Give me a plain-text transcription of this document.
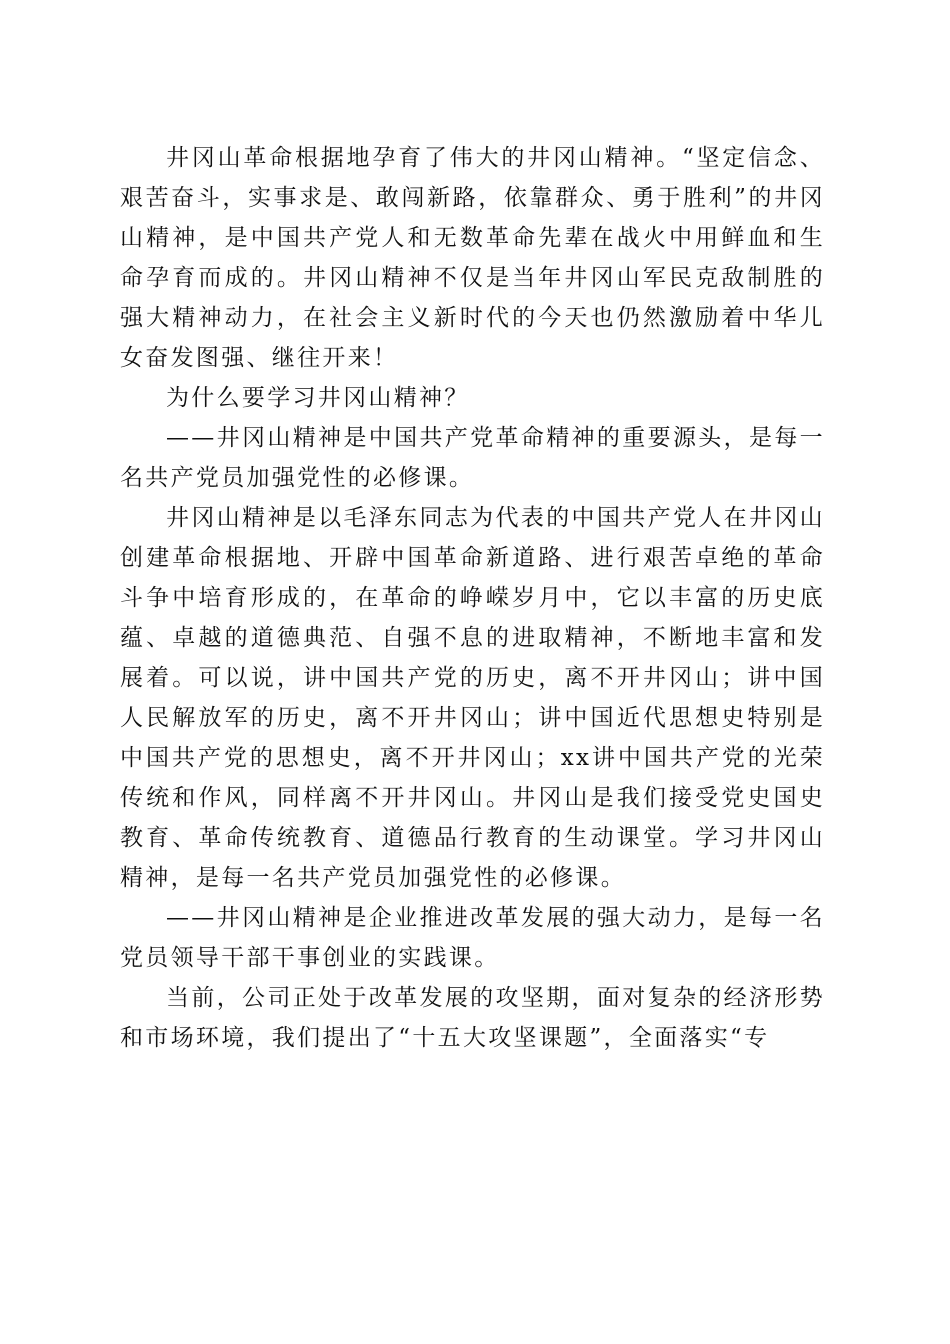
井冈山革命根据地孕育了伟大的井冈山精神。“坚定信念、艰苦奋斗，实事求是、敢闯新路，依靠群众、勇于胜利”的井冈山精神，是中国共产党人和无数革命先辈在战火中用鲜血和生命孕育而成的。井冈山精神不仅是当年井冈山军民克敌制胜的强大精神动力，在社会主义新时代的今天也仍然激励着中华儿女奋发图强、继往开来！

为什么要学习井冈山精神？

——井冈山精神是中国共产党革命精神的重要源头，是每一名共产党员加强党性的必修课。

井冈山精神是以毛泽东同志为代表的中国共产党人在井冈山创建革命根据地、开辟中国革命新道路、进行艰苦卓绝的革命斗争中培育形成的，在革命的峥嵘岁月中，它以丰富的历史底蕴、卓越的道德典范、自强不息的进取精神，不断地丰富和发展着。可以说，讲中国共产党的历史，离不开井冈山；讲中国人民解放军的历史，离不开井冈山；讲中国近代思想史特别是中国共产党的思想史，离不开井冈山；xx讲中国共产党的光荣传统和作风，同样离不开井冈山。井冈山是我们接受党史国史教育、革命传统教育、道德品行教育的生动课堂。学习井冈山精神，是每一名共产党员加强党性的必修课。

——井冈山精神是企业推进改革发展的强大动力，是每一名党员领导干部干事创业的实践课。

当前，公司正处于改革发展的攻坚期，面对复杂的经济形势和市场环境，我们提出了“十五大攻坚课题”，全面落实“专
